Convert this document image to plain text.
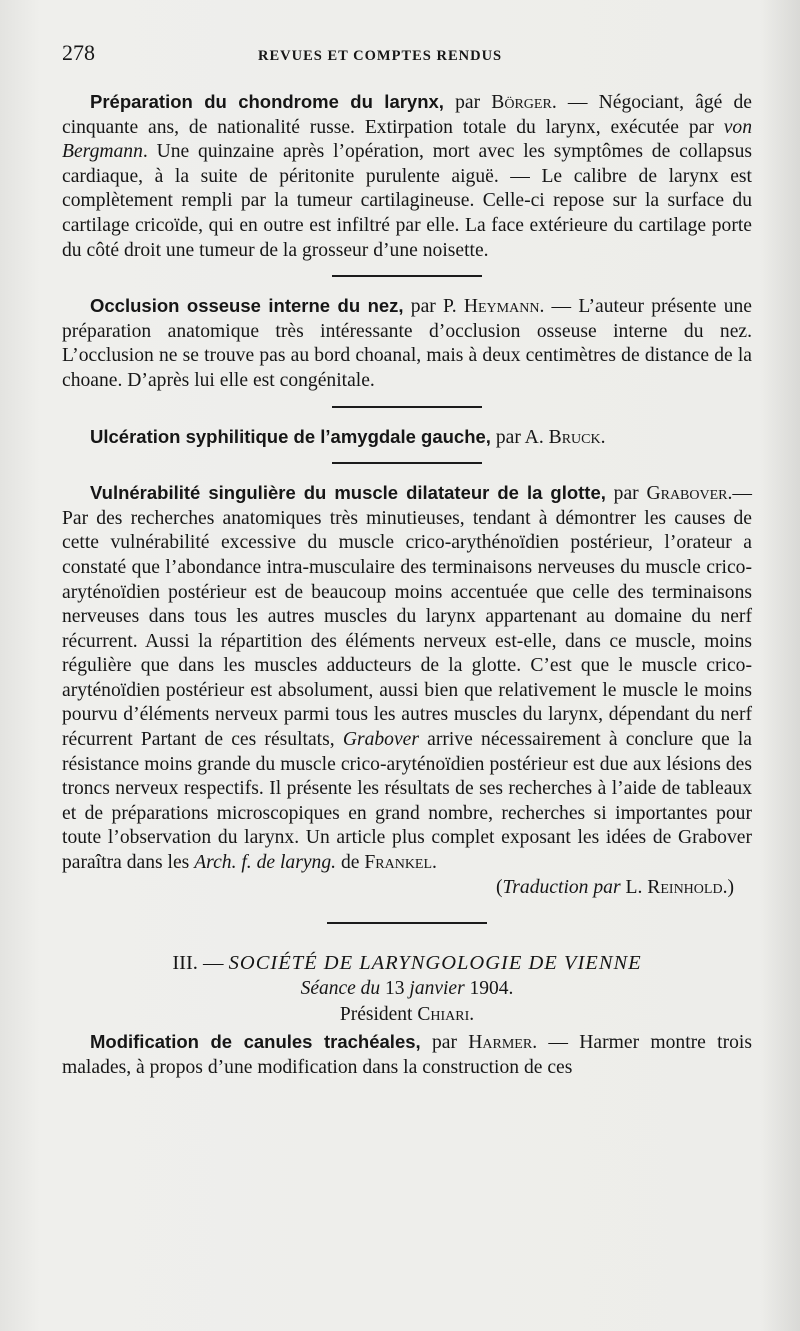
278	REVUES ET COMPTES RENDUS

Préparation du chondrome du larynx, par Börger. — Négociant, âgé de cinquante ans, de nationalité russe. Extirpation totale du larynx, exécutée par von Bergmann. Une quinzaine après l’opération, mort avec les symptômes de collapsus cardiaque, à la suite de péritonite purulente aiguë. — Le calibre de larynx est complètement rempli par la tumeur cartilagineuse. Celle-ci repose sur la surface du cartilage cricoïde, qui en outre est infiltré par elle. La face extérieure du cartilage porte du côté droit une tumeur de la grosseur d’une noisette.

Occlusion osseuse interne du nez, par P. Heymann. — L’auteur présente une préparation anatomique très intéressante d’occlusion osseuse interne du nez. L’occlusion ne se trouve pas au bord choanal, mais à deux centimètres de distance de la choane. D’après lui elle est congénitale.

Ulcération syphilitique de l’amygdale gauche, par A. Bruck.

Vulnérabilité singulière du muscle dilatateur de la glotte, par Grabover.— Par des recherches anatomiques très minutieuses, tendant à démontrer les causes de cette vulnérabilité excessive du muscle crico-arythénoïdien postérieur, l’orateur a constaté que l’abondance intra-musculaire des terminaisons nerveuses du muscle crico-aryténoïdien postérieur est de beaucoup moins accentuée que celle des terminaisons nerveuses dans tous les autres muscles du larynx appartenant au domaine du nerf récurrent. Aussi la répartition des éléments nerveux est-elle, dans ce muscle, moins régulière que dans les muscles adducteurs de la glotte. C’est que le muscle crico-aryténoïdien postérieur est absolument, aussi bien que relativement le muscle le moins pourvu d’éléments nerveux parmi tous les autres muscles du larynx, dépendant du nerf récurrent Partant de ces résultats, Grabover arrive nécessairement à conclure que la résistance moins grande du muscle crico-aryténoïdien postérieur est due aux lésions des troncs nerveux respectifs. Il présente les résultats de ses recherches à l’aide de tableaux et de préparations microscopiques en grand nombre, recherches si importantes pour toute l’observation du larynx. Un article plus complet exposant les idées de Grabover paraîtra dans les Arch. f. de laryng. de Frankel.

(Traduction par L. Reinhold.)

III. — SOCIÉTÉ DE LARYNGOLOGIE DE VIENNE
Séance du 13 janvier 1904.
Président Chiari.

Modification de canules trachéales, par Harmer. — Harmer montre trois malades, à propos d’une modification dans la construction de ces
